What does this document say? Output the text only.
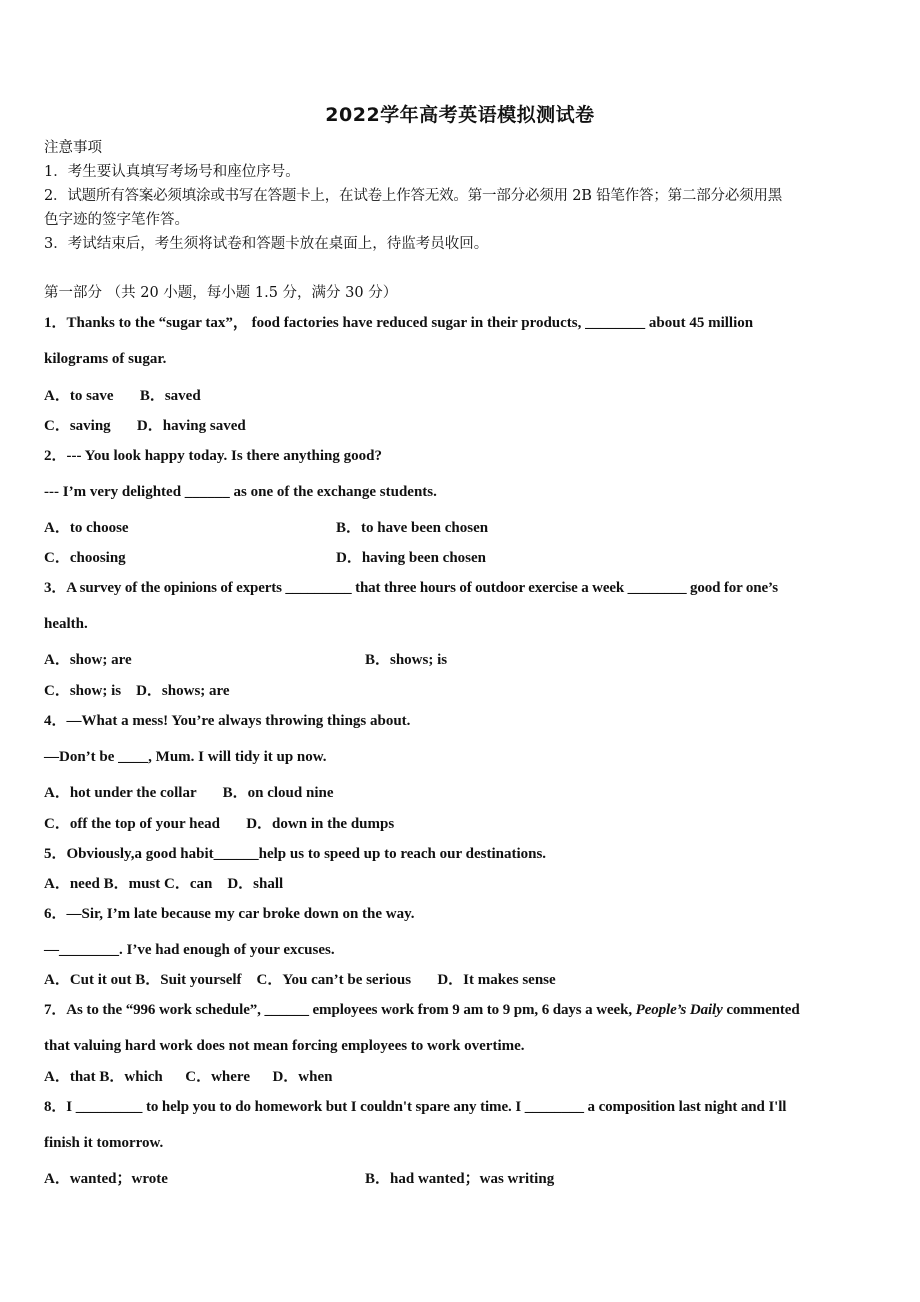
2022学年高考英语模拟测试卷
注意事项
1．考生要认真填写考场号和座位序号。
2．试题所有答案必须填涂或书写在答题卡上，在试卷上作答无效。第一部分必须用 2B 铅笔作答；第二部分必须用黑
色字迹的签字笔作答。
3．考试结束后，考生须将试卷和答题卡放在桌面上，待监考员收回。
第一部分 （共 20 小题，每小题 1.5 分，满分 30 分）
1．Thanks to the “sugar tax”， food factories have reduced sugar in their products, ________ about 45 million
kilograms of sugar.
A．to save       B．saved
C．saving       D．having saved
2．--- You look happy today. Is there anything good?
--- I’m very delighted ______ as one of the exchange students.
A．to choose	B．to have been chosen
C．choosing	D．having been chosen
3．A survey of the opinions of experts _________ that three hours of outdoor exercise a week ________ good for one’s
health.
A．show; are	B．shows; is
C．show; is    D．shows; are
4．—What a mess! You’re always throwing things about.
—Don’t be ____, Mum. I will tidy it up now.
A．hot under the collar       B．on cloud nine
C．off the top of your head       D．down in the dumps
5．Obviously,a good habit______help us to speed up to reach our destinations.
A．need B．must C．can    D．shall
6．—Sir, I’m late because my car broke down on the way.
—________. I’ve had enough of your excuses.
A．Cut it out B．Suit yourself    C．You can’t be serious       D．It makes sense
7．As to the “996 work schedule”, ______ employees work from 9 am to 9 pm, 6 days a week, People’s Daily commented
that valuing hard work does not mean forcing employees to work overtime.
A．that B．which      C．where      D．when
8．I _________ to help you to do homework but I couldn't spare any time. I ________ a composition last night and I'll
finish it tomorrow.
A．wanted；wrote	B．had wanted；was writing
